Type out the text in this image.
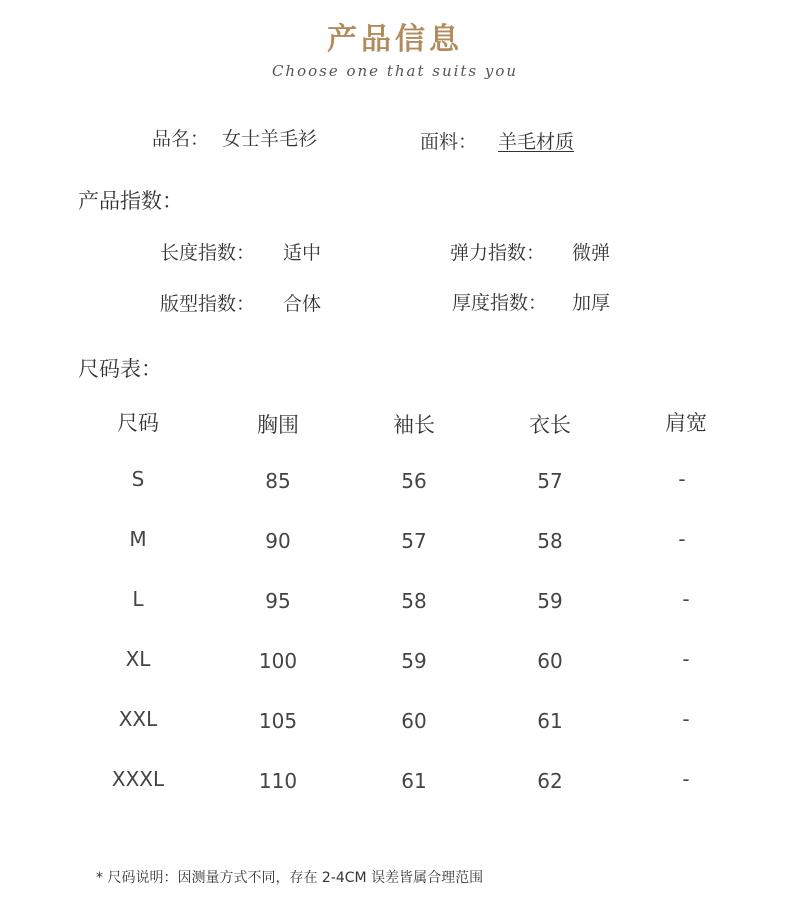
产品信息
Choose one that suits you
品名： 女士羊毛衫	面料： 羊毛材质
产品指数：
长度指数： 适中	弹力指数： 微弹
版型指数： 合体	厚度指数： 加厚
尺码表：
尺码	胸围	袖长	衣长	肩宽
S	85	56	57	-
M	90	57	58	-
L	95	58	59	-
XL	100	59	60	-
XXL	105	60	61	-
XXXL	110	61	62	-
* 尺码说明：因测量方式不同，存在 2-4CM 误差皆属合理范围
